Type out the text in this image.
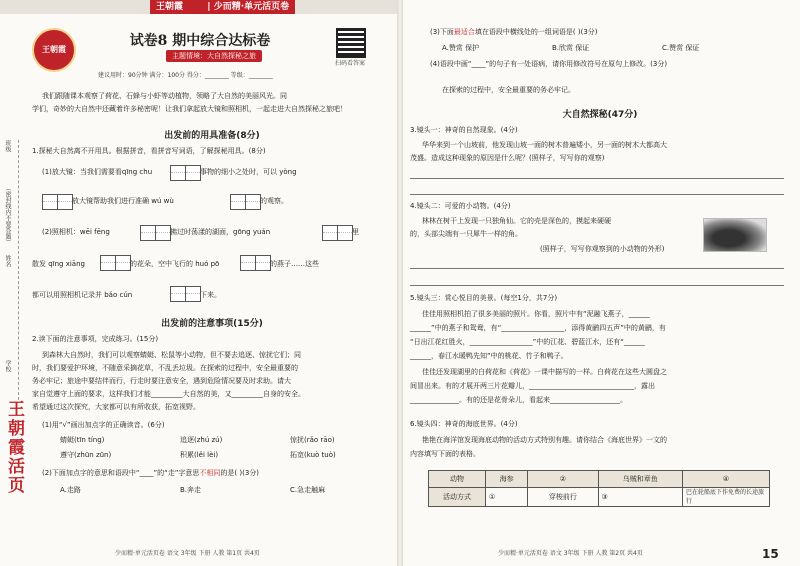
王朝霞 活页 | 少而精·单元活页卷
王朝霞
扫码看答案
试卷8 期中综合达标卷
主题情境：大自然探秘之旅
建议用时：90分钟 满分：100分 得分：________ 等级：________
班级
（密封线内不要答题）
姓名
学校
王朝霞活页
我们跟随课本观察了荷花、石蜂与小虾等动植物，领略了大自然的美丽风光。同
学们，奇妙的大自然中还藏着许多秘密呢！让我们拿起放大镜和照相机，一起走进大自然探秘之旅吧！
出发前的用具准备(8分)
1.探秘大自然离不开用具。根据拼音，看拼音写词语，了解探秘用具。(8分)
(1)放大镜：当我们需要看qīng chu	事物的细小之处时，可以 yòng
放大镜帮助我们进行准确 wú wù	的观察。
(2)照相机：wēi fēng	拂过时荡漾的湖面，gōng yuán	里
散发 qīng xiāng	的花朵，空中飞行的 huó pō	的燕子……这些
都可以用照相机记录并 bǎo cún	下来。
出发前的注意事项(15分)
2.读下面的注意事项，完成练习。(15分)
到森林大自然时，我们可以观察蜻蜓、松鼠等小动物，但不要去追逐、惊扰它们；同
时，我们要爱护环境，不随意采摘花草，不乱丢垃圾。在探索的过程中，安全最重要的
务必牢记；旅途中要结伴而行，行走时要注意安全，遇到危险情况要及时求助。请大
家自觉遵守上面的要求，这样我们才能_________大自然的美，又_________自身的安全。
希望通过这次探究，大家都可以有所收获，拓宽视野。
(1)用“√”画出加点字的正确读音。(6分)
蜻蜓(tīn tíng)	追逐(zhú zú)	惊扰(rǎo rāo)
遵守(zhūn zūn)	积累(lěi lèi)	拓宽(kuò tuò)
(2)下面加点字的意思和语段中“____”的“走”字意思不相同的是( )(3分)
A.走路	B.奔走	C.急走触麻
少而精·单元活页卷 语文 3年级 下册 人教 第1页 共4页
(3)下面最适合填在语段中横线处的一组词语是( )(3分)
A.赞赏 保护	B.欣赏 保证	C.赞赏 保证
(4)语段中画“____”的句子有一处语病，请你用修改符号在原句上修改。(3分)
在探索的过程中，安全最重要的务必牢记。
大自然探秘(47分)
3.镜头一：神奇的自然现象。(4分)
华华来到一个山坡前，他发现山坡一面的树木普遍矮小，另一面的树木大都高大
茂盛。造成这种现象的原因是什么呢？(照样子，写写你的观察)
4.镜头二：可爱的小动物。(4分)
林林在树干上发现一只独角仙。它的壳是深色的，摸起来硬硬
的，头部尖端有一只犀牛一样的角。
(照样子，写写你观察到的小动物的外形)
5.镜头三：赏心悦目的美景。(每空1分，共7分)
佳佳用照相机拍了很多美丽的照片。你看，照片中有“泥融飞燕子，______
______”中的燕子和鸳鸯，有“__________________，添得黄鹂四五声”中的黄鹂，有
“日出江花红胜火，__________________”中的江花、碧蓝江水，还有“______
______，春江水暖鸭先知”中的桃花、竹子和鸭子。
佳佳还发现湖里的白荷花和《荷花》一课中描写的一样。白荷花在这些大圆盘之
间冒出来。有的才展开两三片花瓣儿，______________________________，露出
______________。有的还是花骨朵儿，看起来____________________。
6.镜头四：神奇的海底世界。(4分)
艳艳在海洋馆发现海底动物的活动方式特别有趣。请你结合《海底世界》一文的
内容填写下面的表格。
少而精·单元活页卷 语文 3年级 下册 人教 第2页 共4页
动物	海参	②	乌贼和章鱼	④
活动方式	①	穿梭前行	③	巴在轮船底下作免费的长途旅行
15
